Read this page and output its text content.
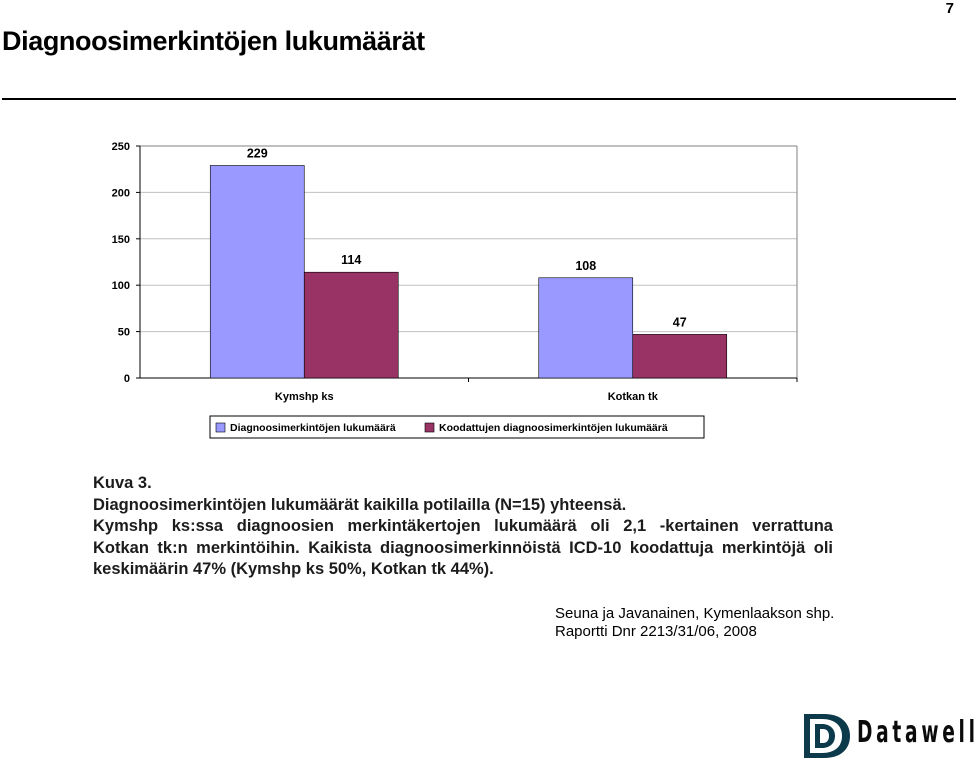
Diagnoosimerkintöjen lukumäärät
7
0
50
100
150
200
250
Kymshp ks	Kotkan tk
229
114	108
47
Diagnoosimerkintöjen lukumäärä	Koodattujen diagnoosimerkintöjen lukumäärä
Kuva 3.
Diagnoosimerkintöjen lukumäärät kaikilla potilailla (N=15) yhteensä.
Kymshp ks:ssa diagnoosien merkintäkertojen lukumäärä oli 2,1 -kertainen verrattuna
Kotkan tk:n merkintöihin. Kaikista diagnoosimerkinnöistä ICD-10 koodattuja merkintöjä oli
keskimäärin 47% (Kymshp ks 50%, Kotkan tk 44%).
Seuna ja Javanainen, Kymenlaakson shp.
Raportti Dnr 2213/31/06, 2008
Datawell
